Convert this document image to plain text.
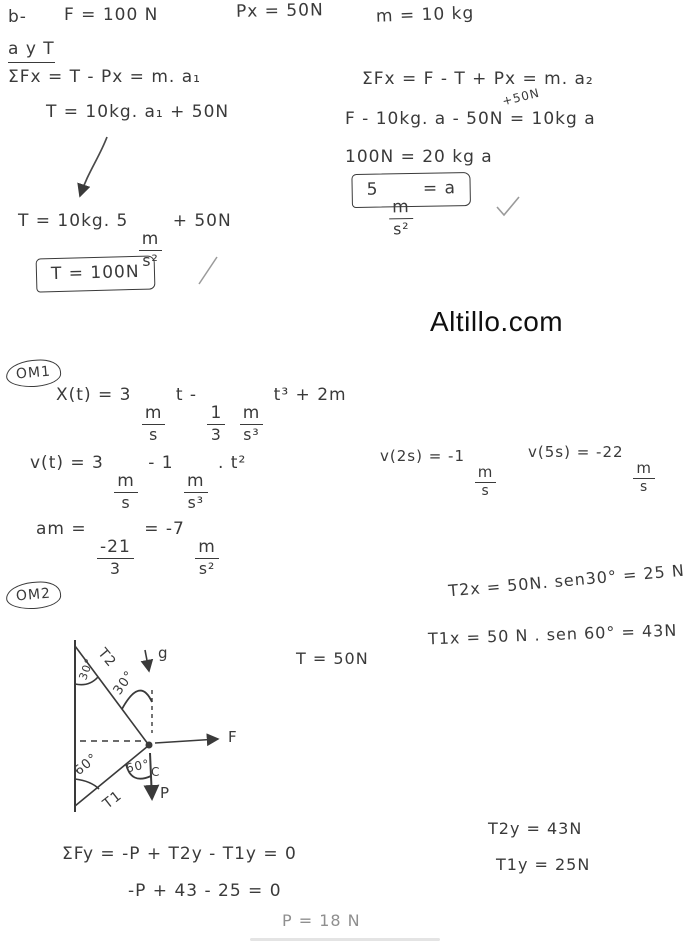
b- F = 100 N	Px = 50N	m = 10 kg
a y T
ΣFx = T - Px = m. a₁
T = 10kg. a₁ + 50N
ΣFx = F - T + Px = m. a₂
+50N
F - 10kg. a - 50N = 10kg a
100N = 20 kg a
5
$\frac{m}{\text{s²}}$
= a
T = 10kg. 5
$\frac{m}{\text{s²}}$
+ 50N
T = 100N
Altillo.com
OM1
X(t) = 3
$\frac{m}{s}$
t -
$\frac{1}{3}$
$\frac{m}{\text{s³}}$
t³ + 2m
v(t) = 3
$\frac{m}{s}$
- 1
$\frac{m}{\text{s³}}$
. t²	v(2s) = -1
$\frac{m}{s}$
v(5s) = -22
$\frac{m}{s}$
am =
$\frac{-21}{3}$
= -7
$\frac{m}{\text{s²}}$
OM2	T2x = 50N. sen30° = 25 N
T1x = 50 N . sen 60° = 43N
T = 50N
T2
30° 30°
g
F
60° 60° C
T1 P
ΣFy = -P + T2y - T1y = 0
-P + 43 - 25 = 0
P = 18 N
T2y = 43N
T1y = 25N
